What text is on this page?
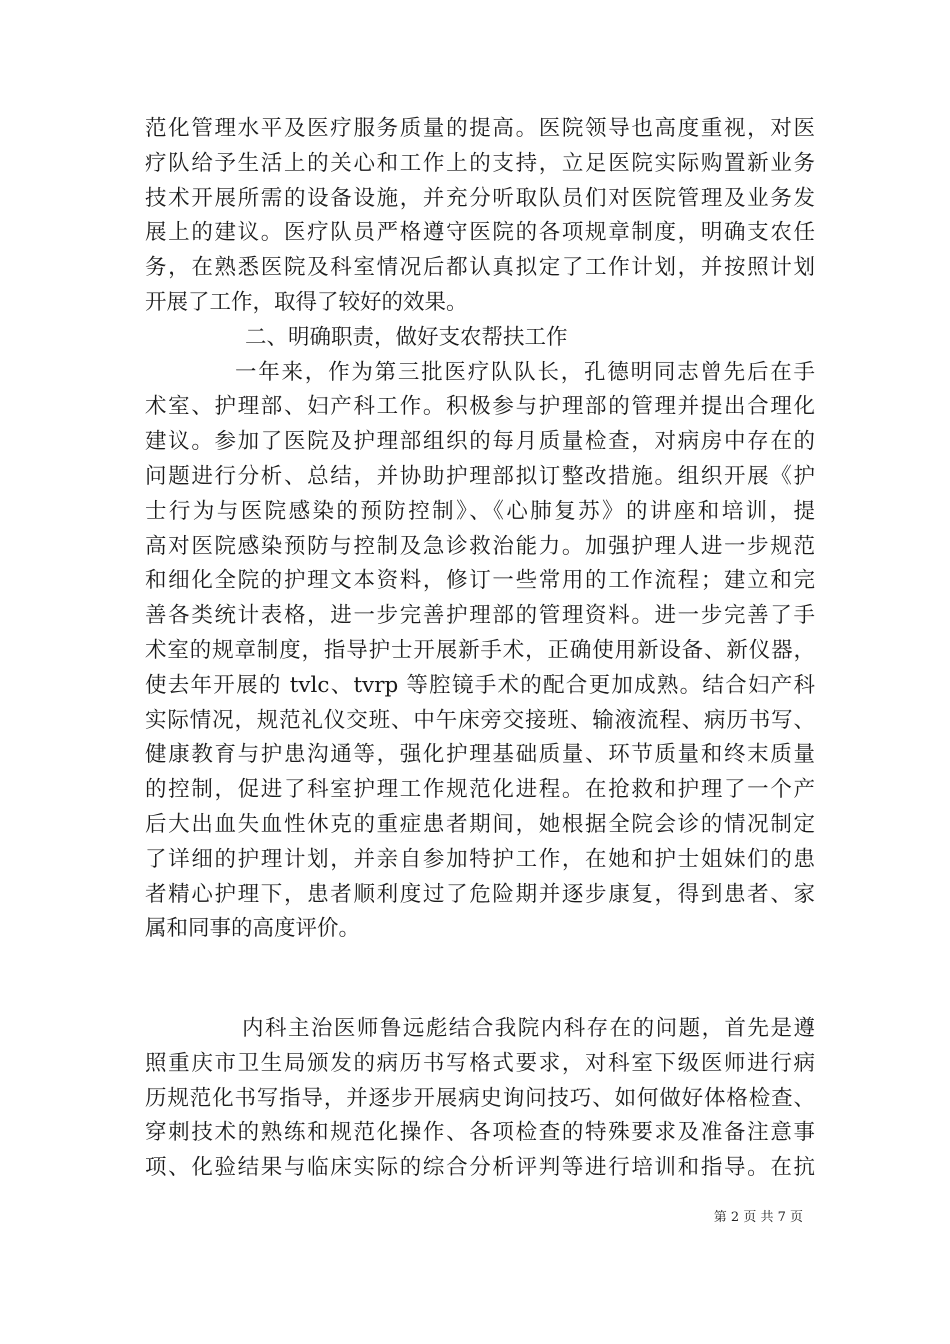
范化管理水平及医疗服务质量的提高。医院领导也高度重视，对医
疗队给予生活上的关心和工作上的支持，立足医院实际购置新业务
技术开展所需的设备设施，并充分听取队员们对医院管理及业务发
展上的建议。医疗队员严格遵守医院的各项规章制度，明确支农任
务，在熟悉医院及科室情况后都认真拟定了工作计划，并按照计划
开展了工作，取得了较好的效果。
二、明确职责，做好支农帮扶工作
一年来，作为第三批医疗队队长，孔德明同志曾先后在手
术室、护理部、妇产科工作。积极参与护理部的管理并提出合理化
建议。参加了医院及护理部组织的每月质量检查，对病房中存在的
问题进行分析、总结，并协助护理部拟订整改措施。组织开展《护
士行为与医院感染的预防控制》、《心肺复苏》的讲座和培训，提
高对医院感染预防与控制及急诊救治能力。加强护理人进一步规范
和细化全院的护理文本资料，修订一些常用的工作流程；建立和完
善各类统计表格，进一步完善护理部的管理资料。进一步完善了手
术室的规章制度，指导护士开展新手术，正确使用新设备、新仪器，
使去年开展的 tvlc、tvrp 等腔镜手术的配合更加成熟。结合妇产科
实际情况，规范礼仪交班、中午床旁交接班、输液流程、病历书写、
健康教育与护患沟通等，强化护理基础质量、环节质量和终末质量
的控制，促进了科室护理工作规范化进程。在抢救和护理了一个产
后大出血失血性休克的重症患者期间，她根据全院会诊的情况制定
了详细的护理计划，并亲自参加特护工作，在她和护士姐妹们的患
者精心护理下，患者顺利度过了危险期并逐步康复，得到患者、家
属和同事的高度评价。
内科主治医师鲁远彪结合我院内科存在的问题，首先是遵
照重庆市卫生局颁发的病历书写格式要求，对科室下级医师进行病
历规范化书写指导，并逐步开展病史询问技巧、如何做好体格检查、
穿刺技术的熟练和规范化操作、各项检查的特殊要求及准备注意事
项、化验结果与临床实际的综合分析评判等进行培训和指导。在抗
第 2 页 共 7 页
